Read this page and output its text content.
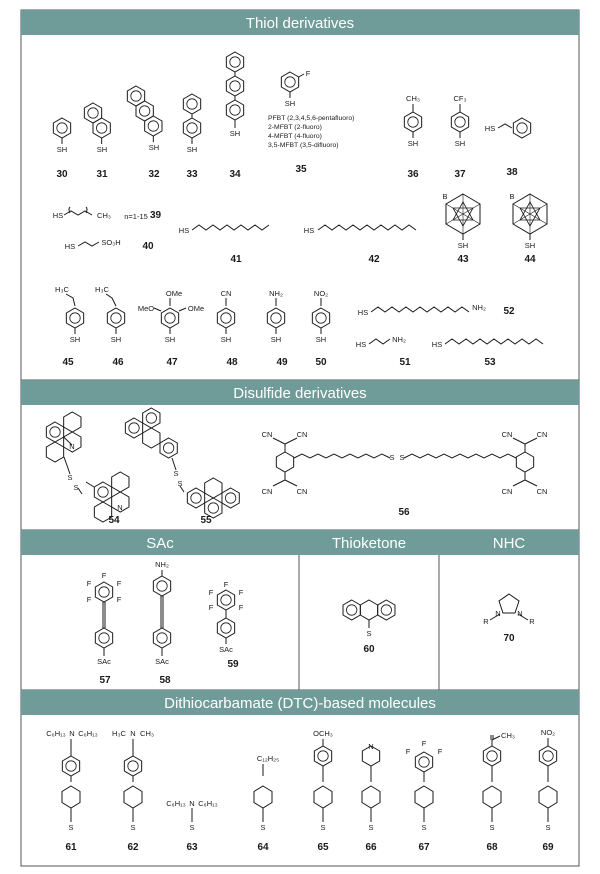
Thiol derivatives
Disulfide derivatives
SAc	Thioketone	NHC
Dithiocarbamate (DTC)-based molecules
SH	SH	SH	SH
SH
F
SH
CH₃
SH
CF₃
SH
HS
HS	CH₃ n=1-15
HS	SO₃H
HS	HS
SH	SH
B	B
H₃C
SH
H₃C
SH
OMe
MeO	OMe
SH
CN
SH
NH₂
SH
NO₂
SH
HS
NH₂
HS
NH₂
HS
N
S
S
N
S
S
CN	CN
CN	CN
S S
CN	CN
CN	CN
F
F	F
F	F
SAc
NH₂
SAc
F
F	F
F	F
SAc
S
N N
R	R
C₆H₁₃ N C₆H₁₃
S
H₃C N CH₃
S
C₆H₁₃ N C₆H₁₃
S
C₁₂H₂₅
S
OCH₃
S
N
S
F
F	F
S
CH₃
S
NO₂
S
PFBT (2,3,4,5,6-pentafluoro)
2-MFBT (2-fluoro)
4-MFBT (4-fluoro)
3,5-MFBT (3,5-difluoro)
30	31	32	33	34	35	36	37	38
39
40
41	42	43	44
45	46	47	48	49	50	51
52
53
54	55
56
57	58
59
60
70
61	62	63	64	65	66	67	68	69
